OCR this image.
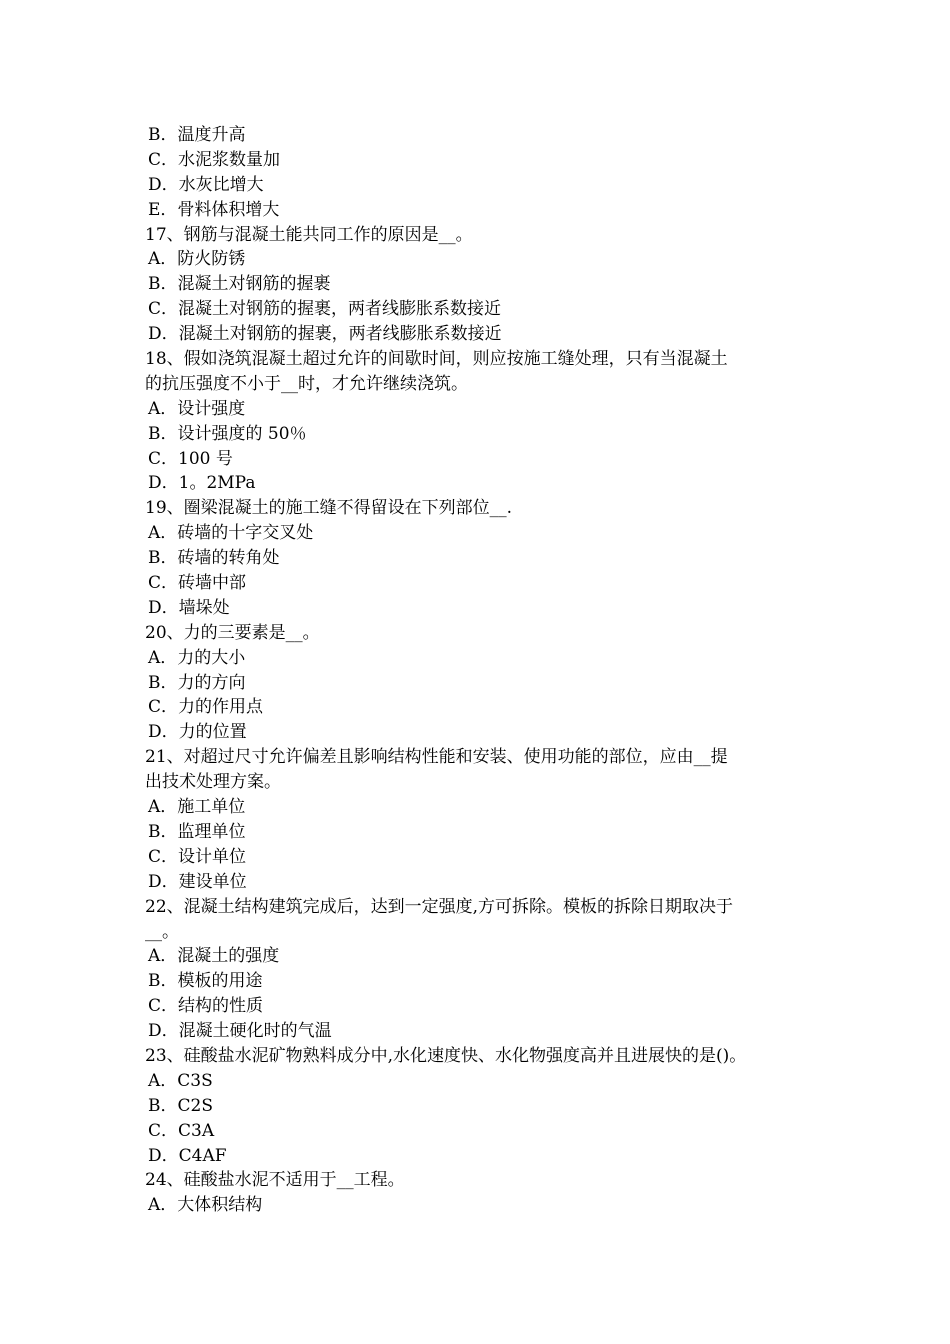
B．温度升高

C．水泥浆数量加

D．水灰比增大

E．骨料体积增大

17、钢筋与混凝土能共同工作的原因是__。

A．防火防锈

B．混凝土对钢筋的握裹

C．混凝土对钢筋的握裹，两者线膨胀系数接近

D．混凝土对钢筋的握裹，两者线膨胀系数接近

18、假如浇筑混凝土超过允许的间歇时间，则应按施工缝处理，只有当混凝土

的抗压强度不小于__时，才允许继续浇筑。

A．设计强度

B．设计强度的 50％

C．100 号

D．1。2MPa

19、圈梁混凝土的施工缝不得留设在下列部位__.

A．砖墙的十字交叉处

B．砖墙的转角处

C．砖墙中部

D．墙垛处

20、力的三要素是__。

A．力的大小

B．力的方向

C．力的作用点

D．力的位置

21、对超过尺寸允许偏差且影响结构性能和安装、使用功能的部位，应由__提

出技术处理方案。

A．施工单位

B．监理单位

C．设计单位

D．建设单位

22、混凝土结构建筑完成后，达到一定强度,方可拆除。模板的拆除日期取决于

__。

A．混凝土的强度

B．模板的用途

C．结构的性质

D．混凝土硬化时的气温

23、硅酸盐水泥矿物熟料成分中,水化速度快、水化物强度高并且进展快的是()。

A．C3S

B．C2S

C．C3A

D．C4AF

24、硅酸盐水泥不适用于__工程。

A．大体积结构
